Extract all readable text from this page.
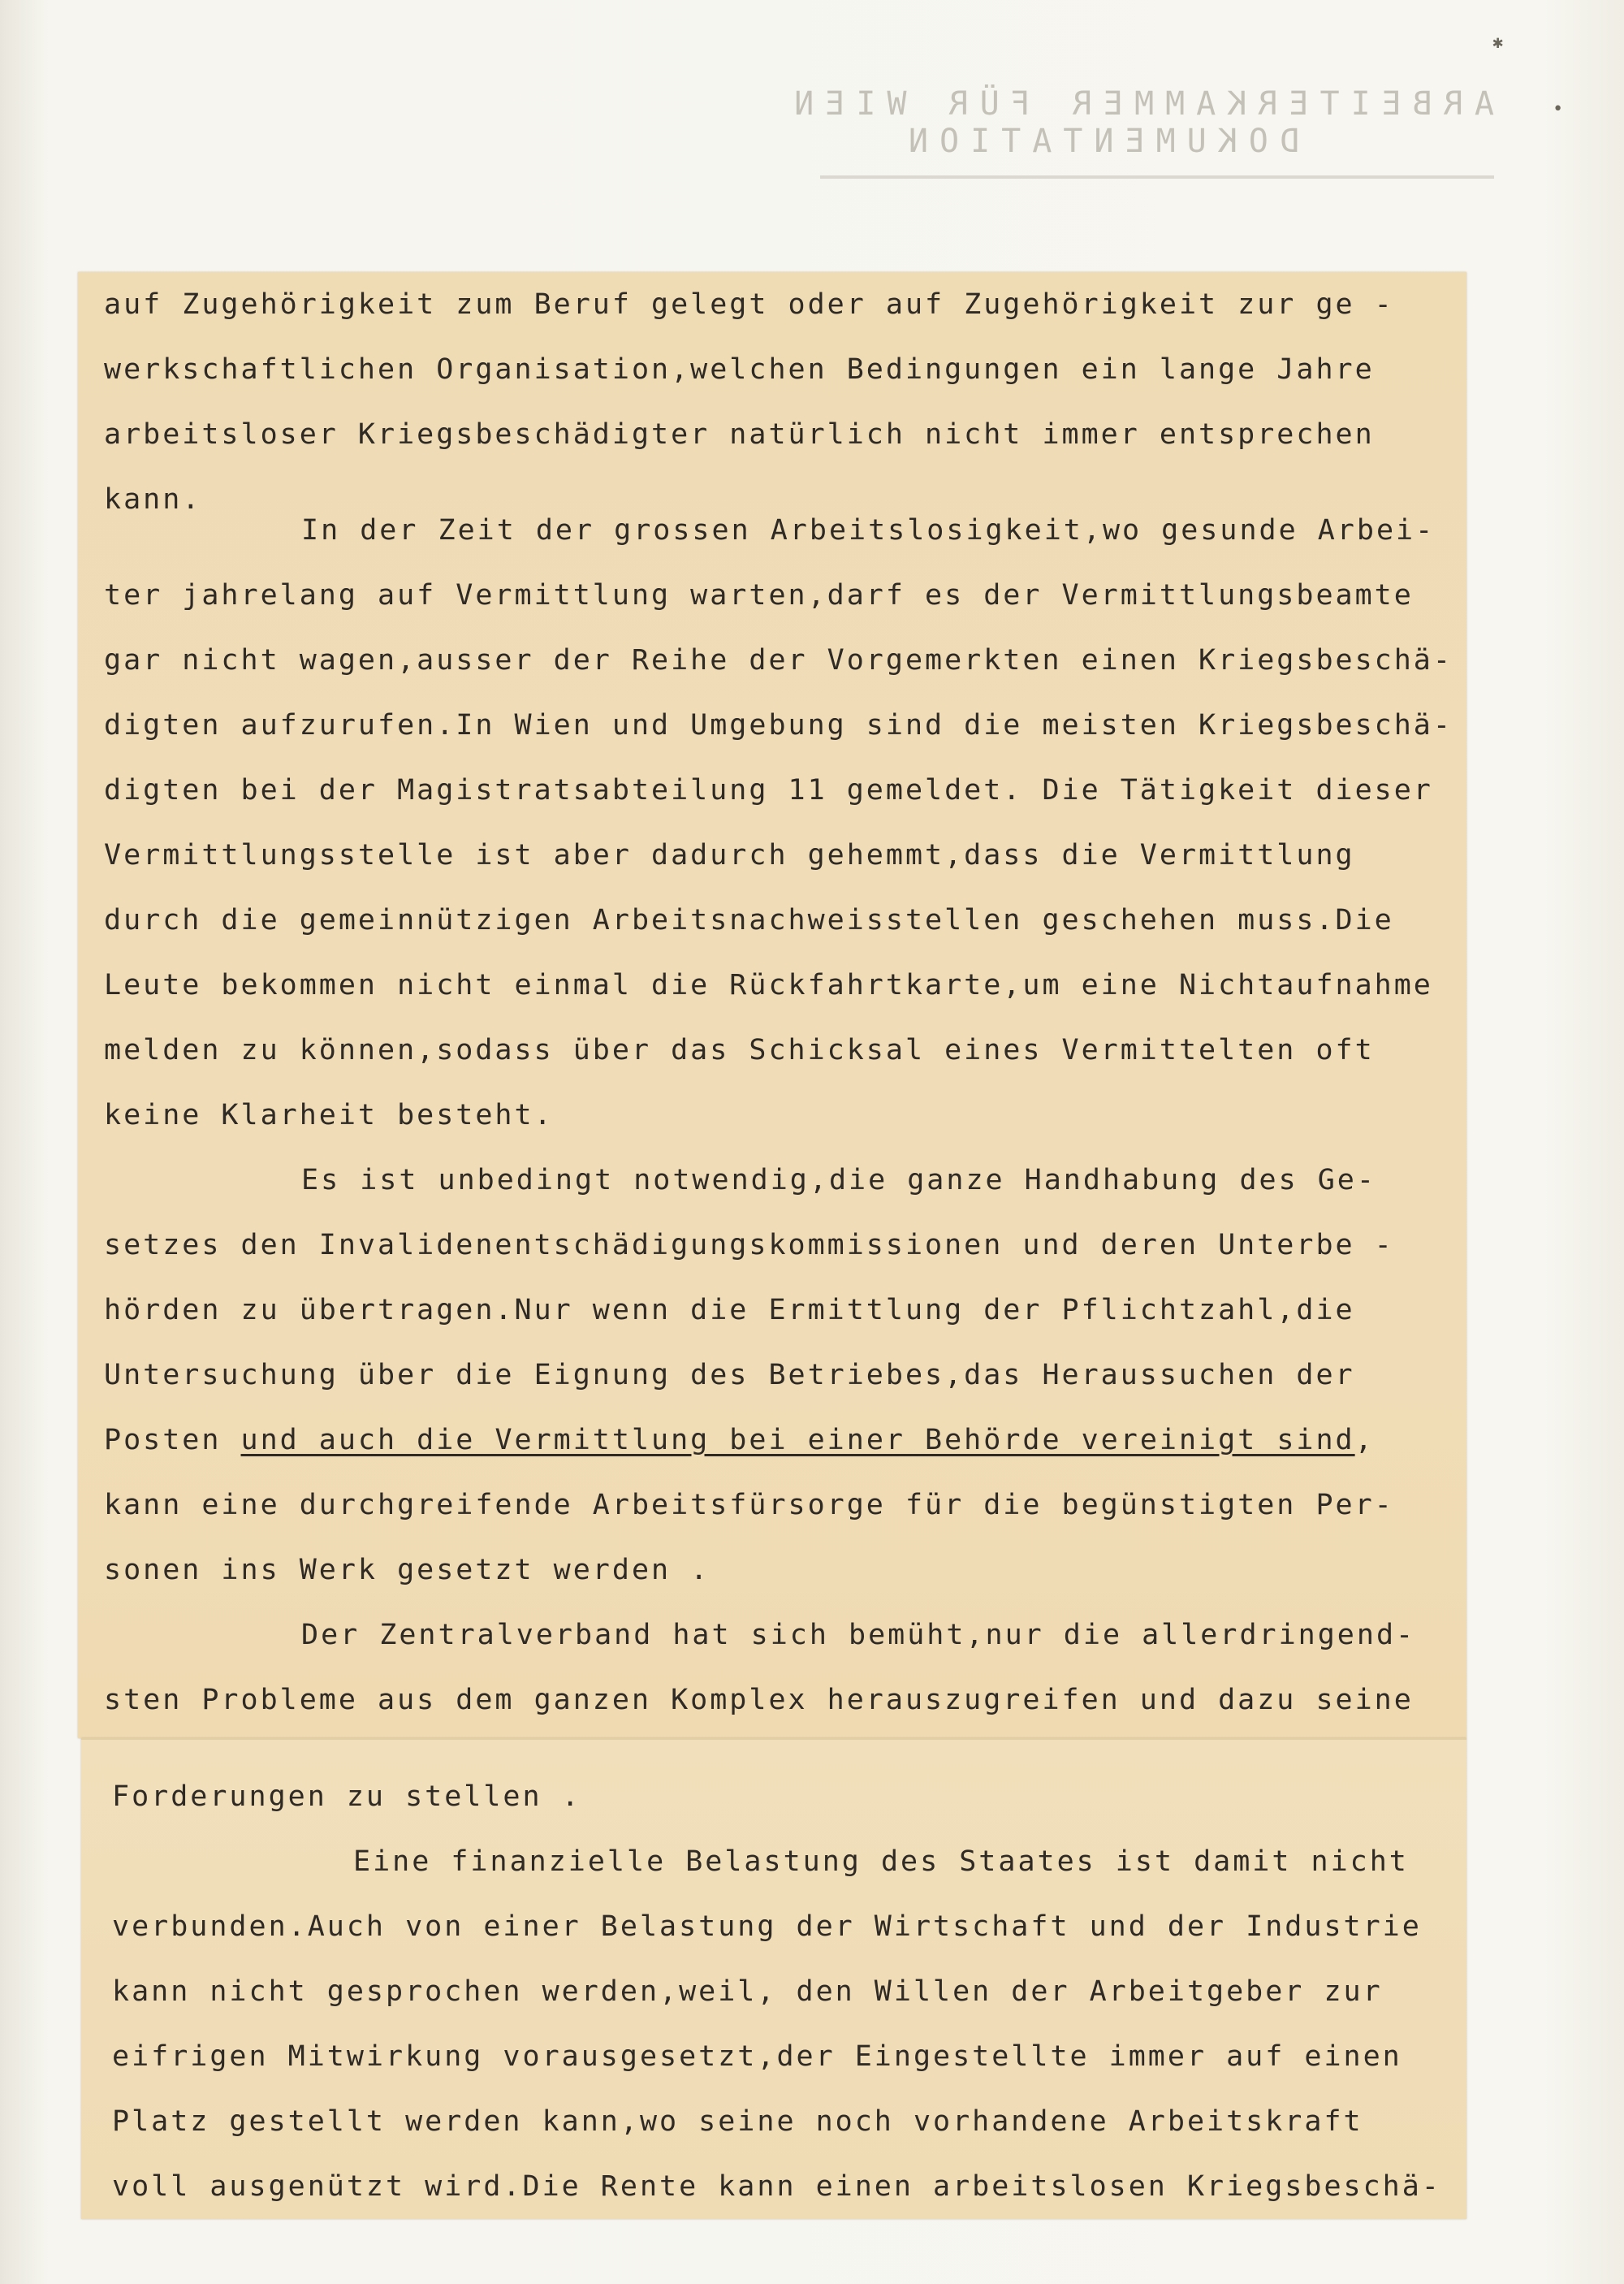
ARBEITERKAMMER FÜR WIEN
DOKUMENTATION
✱
•
auf Zugehörigkeit zum Beruf gelegt oder auf Zugehörigkeit zur ge -
werkschaftlichen Organisation,welchen Bedingungen ein lange Jahre
arbeitsloser Kriegsbeschädigter natürlich nicht immer entsprechen
kann.
In der Zeit der grossen Arbeitslosigkeit,wo gesunde Arbei-
ter jahrelang auf Vermittlung warten,darf es der Vermittlungsbeamte
gar nicht wagen,ausser der Reihe der Vorgemerkten einen Kriegsbeschä-
digten aufzurufen.In Wien und Umgebung sind die meisten Kriegsbeschä-
digten bei der Magistratsabteilung 11 gemeldet. Die Tätigkeit dieser
Vermittlungsstelle ist aber dadurch gehemmt,dass die Vermittlung
durch die gemeinnützigen Arbeitsnachweisstellen geschehen muss.Die
Leute bekommen nicht einmal die Rückfahrtkarte,um eine Nichtaufnahme
melden zu können,sodass über das Schicksal eines Vermittelten oft
keine Klarheit besteht.
Es ist unbedingt notwendig,die ganze Handhabung des Ge-
setzes den Invalidenentschädigungskommissionen und deren Unterbe -
hörden zu übertragen.Nur wenn die Ermittlung der Pflichtzahl,die
Untersuchung über die Eignung des Betriebes,das Heraussuchen der
Posten und auch die Vermittlung bei einer Behörde vereinigt sind,
kann eine durchgreifende Arbeitsfürsorge für die begünstigten Per-
sonen ins Werk gesetzt werden .
Der Zentralverband hat sich bemüht,nur die allerdringend-
sten Probleme aus dem ganzen Komplex herauszugreifen und dazu seine
Forderungen zu stellen .
Eine finanzielle Belastung des Staates ist damit nicht
verbunden.Auch von einer Belastung der Wirtschaft und der Industrie
kann nicht gesprochen werden,weil, den Willen der Arbeitgeber zur
eifrigen Mitwirkung vorausgesetzt,der Eingestellte immer auf einen
Platz gestellt werden kann,wo seine noch vorhandene Arbeitskraft
voll ausgenützt wird.Die Rente kann einen arbeitslosen Kriegsbeschä-
